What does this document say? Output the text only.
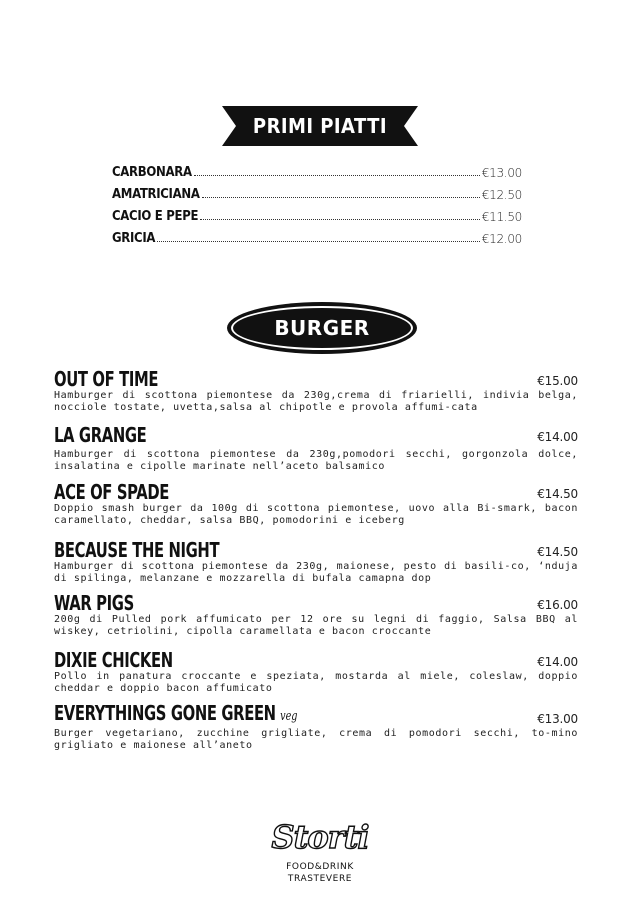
PRIMI PIATTI
CARBONARA	€13.00
AMATRICIANA	€12.50
CACIO E PEPE	€11.50
GRICIA	€12.00
BURGER
OUT OF TIME	€15.00

Hamburger di scottona piemontese da 230g,crema di friarielli, indivia belga, nocciole tostate, uvetta,salsa al chipotle e provola affumi-cata

LA GRANGE	€14.00

Hamburger di scottona piemontese da 230g,pomodori secchi, gorgonzola dolce, insalatina e cipolle marinate nell’aceto balsamico

ACE OF SPADE	€14.50

Doppio smash burger da 100g di scottona piemontese, uovo alla Bi-smark, bacon caramellato, cheddar, salsa BBQ, pomodorini e iceberg

BECAUSE THE NIGHT	€14.50

Hamburger di scottona piemontese da 230g, maionese, pesto di basili-co, ‘nduja di spilinga, melanzane e mozzarella di bufala camapna dop

WAR PIGS	€16.00

200g di Pulled pork affumicato per 12 ore su legni di faggio, Salsa BBQ al wiskey, cetriolini, cipolla caramellata e bacon croccante

DIXIE CHICKEN	€14.00

Pollo in panatura croccante e speziata, mostarda al miele, coleslaw, doppio cheddar e doppio bacon affumicato

EVERYTHINGS GONE GREEN veg	€13.00

Burger vegetariano, zucchine grigliate, crema di pomodori secchi, to-mino grigliato e maionese all’aneto

Storti
FOOD&DRINK
TRASTEVERE
